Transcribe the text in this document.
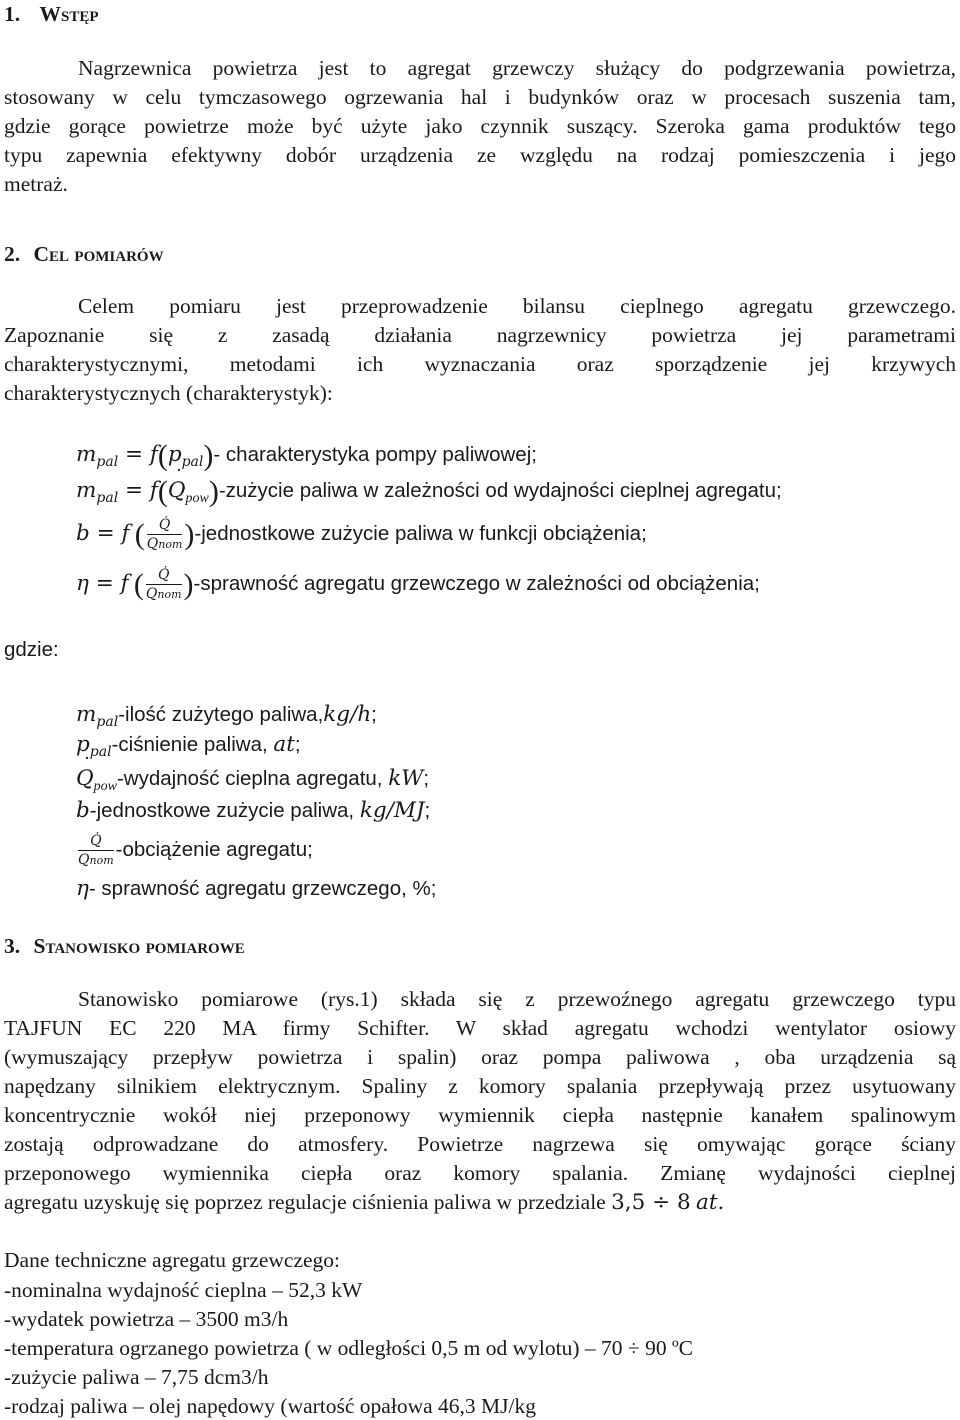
1. Wstęp
Nagrzewnica powietrza jest to agregat grzewczy służący do podgrzewania powietrza,
stosowany w celu tymczasowego ogrzewania hal i budynków oraz w procesach suszenia tam,
gdzie gorące powietrze może być użyte jako czynnik suszący. Szeroka gama produktów tego
typu zapewnia efektywny dobór urządzenia ze względu na rodzaj pomieszczenia i jego
metraż.
2. Cel pomiarów
Celem pomiaru jest przeprowadzenie bilansu cieplnego agregatu grzewczego.
Zapoznanie się z zasadą działania nagrzewnicy powietrza jej parametrami
charakterystycznymi, metodami ich wyznaczania oraz sporządzenie jej krzywych
charakterystycznych (charakterystyk):
$m_{pal} = f(p_{pal})-$ charakterystyka pompy paliwowej;
$m_{pal}$ = f(˙ $Q_{pow}$)-zużycie paliwa w zależności od wydajności cieplnej agregatu;
b = f ( $\frac{Q̇}{\text{Qnom}}$ )-jednostkowe zużycie paliwa w funkcji obciążenia;
η = f ( $\frac{Q̇}{\text{Qnom}}$ )-sprawność agregatu grzewczego w zależności od obciążenia;
gdzie:
$m_{pal}$-ilość zużytego paliwa,kg/h;
$p_{pal}$-ciśnienie paliwa, at;
˙ $Q_{pow}$-wydajność cieplna agregatu, kW;
b-jednostkowe zużycie paliwa, kg/MJ;
$\frac{Q̇}{\text{Qnom}}$ -obciążenie agregatu;
η- sprawność agregatu grzewczego, %;
3. Stanowisko pomiarowe
Stanowisko pomiarowe (rys.1) składa się z przewoźnego agregatu grzewczego typu
TAJFUN EC 220 MA firmy Schifter. W skład agregatu wchodzi wentylator osiowy
(wymuszający przepływ powietrza i spalin) oraz pompa paliwowa , oba urządzenia są
napędzany silnikiem elektrycznym. Spaliny z komory spalania przepływają przez usytuowany
koncentrycznie wokół niej przeponowy wymiennik ciepła następnie kanałem spalinowym
zostają odprowadzane do atmosfery. Powietrze nagrzewa się omywając gorące ściany
przeponowego wymiennika ciepła oraz komory spalania. Zmianę wydajności cieplnej
agregatu uzyskuję się poprzez regulacje ciśnienia paliwa w przedziale 3,5 ÷ 8 at.
Dane techniczne agregatu grzewczego:
-nominalna wydajność cieplna – 52,3 kW
-wydatek powietrza – 3500 m3/h
-temperatura ogrzanego powietrza ( w odległości 0,5 m od wylotu) – 70 ÷ 90 ºC
-zużycie paliwa – 7,75 dcm3/h
-rodzaj paliwa – olej napędowy (wartość opałowa 46,3 MJ/kg
